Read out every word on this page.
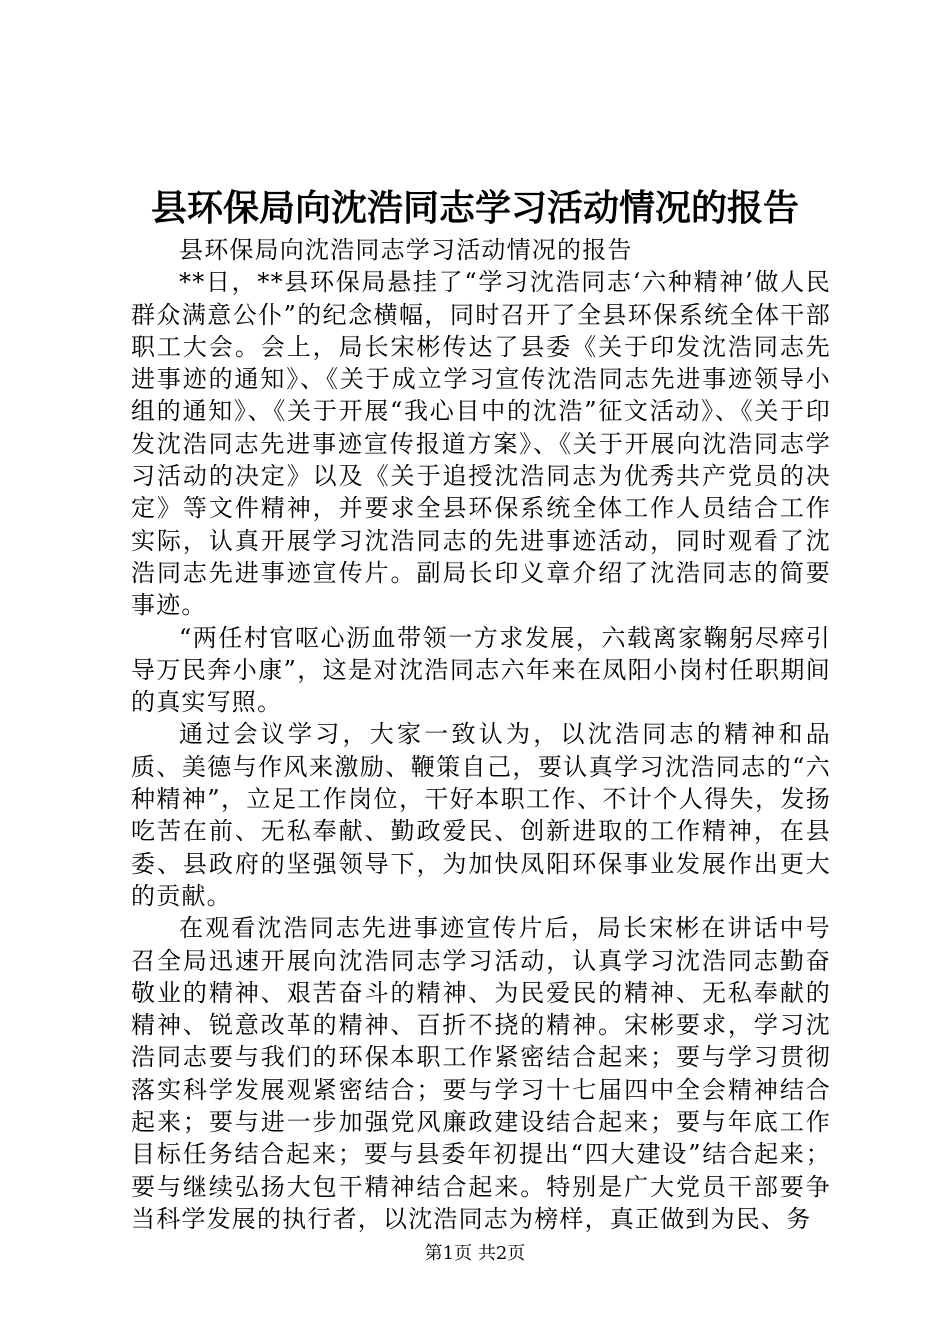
县环保局向沈浩同志学习活动情况的报告

县环保局向沈浩同志学习活动情况的报告

**日，**县环保局悬挂了“学习沈浩同志‘六种精神’做人民群众满意公仆”的纪念横幅，同时召开了全县环保系统全体干部职工大会。会上，局长宋彬传达了县委《关于印发沈浩同志先进事迹的通知》、《关于成立学习宣传沈浩同志先进事迹领导小组的通知》、《关于开展“我心目中的沈浩”征文活动》、《关于印发沈浩同志先进事迹宣传报道方案》、《关于开展向沈浩同志学习活动的决定》以及《关于追授沈浩同志为优秀共产党员的决定》等文件精神，并要求全县环保系统全体工作人员结合工作实际，认真开展学习沈浩同志的先进事迹活动，同时观看了沈浩同志先进事迹宣传片。副局长印义章介绍了沈浩同志的简要事迹。

“两任村官呕心沥血带领一方求发展，六载离家鞠躬尽瘁引导万民奔小康”，这是对沈浩同志六年来在凤阳小岗村任职期间的真实写照。

通过会议学习，大家一致认为，以沈浩同志的精神和品质、美德与作风来激励、鞭策自己，要认真学习沈浩同志的“六种精神”，立足工作岗位，干好本职工作、不计个人得失，发扬吃苦在前、无私奉献、勤政爱民、创新进取的工作精神，在县委、县政府的坚强领导下，为加快凤阳环保事业发展作出更大的贡献。

在观看沈浩同志先进事迹宣传片后，局长宋彬在讲话中号召全局迅速开展向沈浩同志学习活动，认真学习沈浩同志勤奋敬业的精神、艰苦奋斗的精神、为民爱民的精神、无私奉献的精神、锐意改革的精神、百折不挠的精神。宋彬要求，学习沈浩同志要与我们的环保本职工作紧密结合起来；要与学习贯彻落实科学发展观紧密结合；要与学习十七届四中全会精神结合起来；要与进一步加强党风廉政建设结合起来；要与年底工作目标任务结合起来；要与县委年初提出“四大建设”结合起来；要与继续弘扬大包干精神结合起来。特别是广大党员干部要争当科学发展的执行者，以沈浩同志为榜样，真正做到为民、务

第1页 共2页
